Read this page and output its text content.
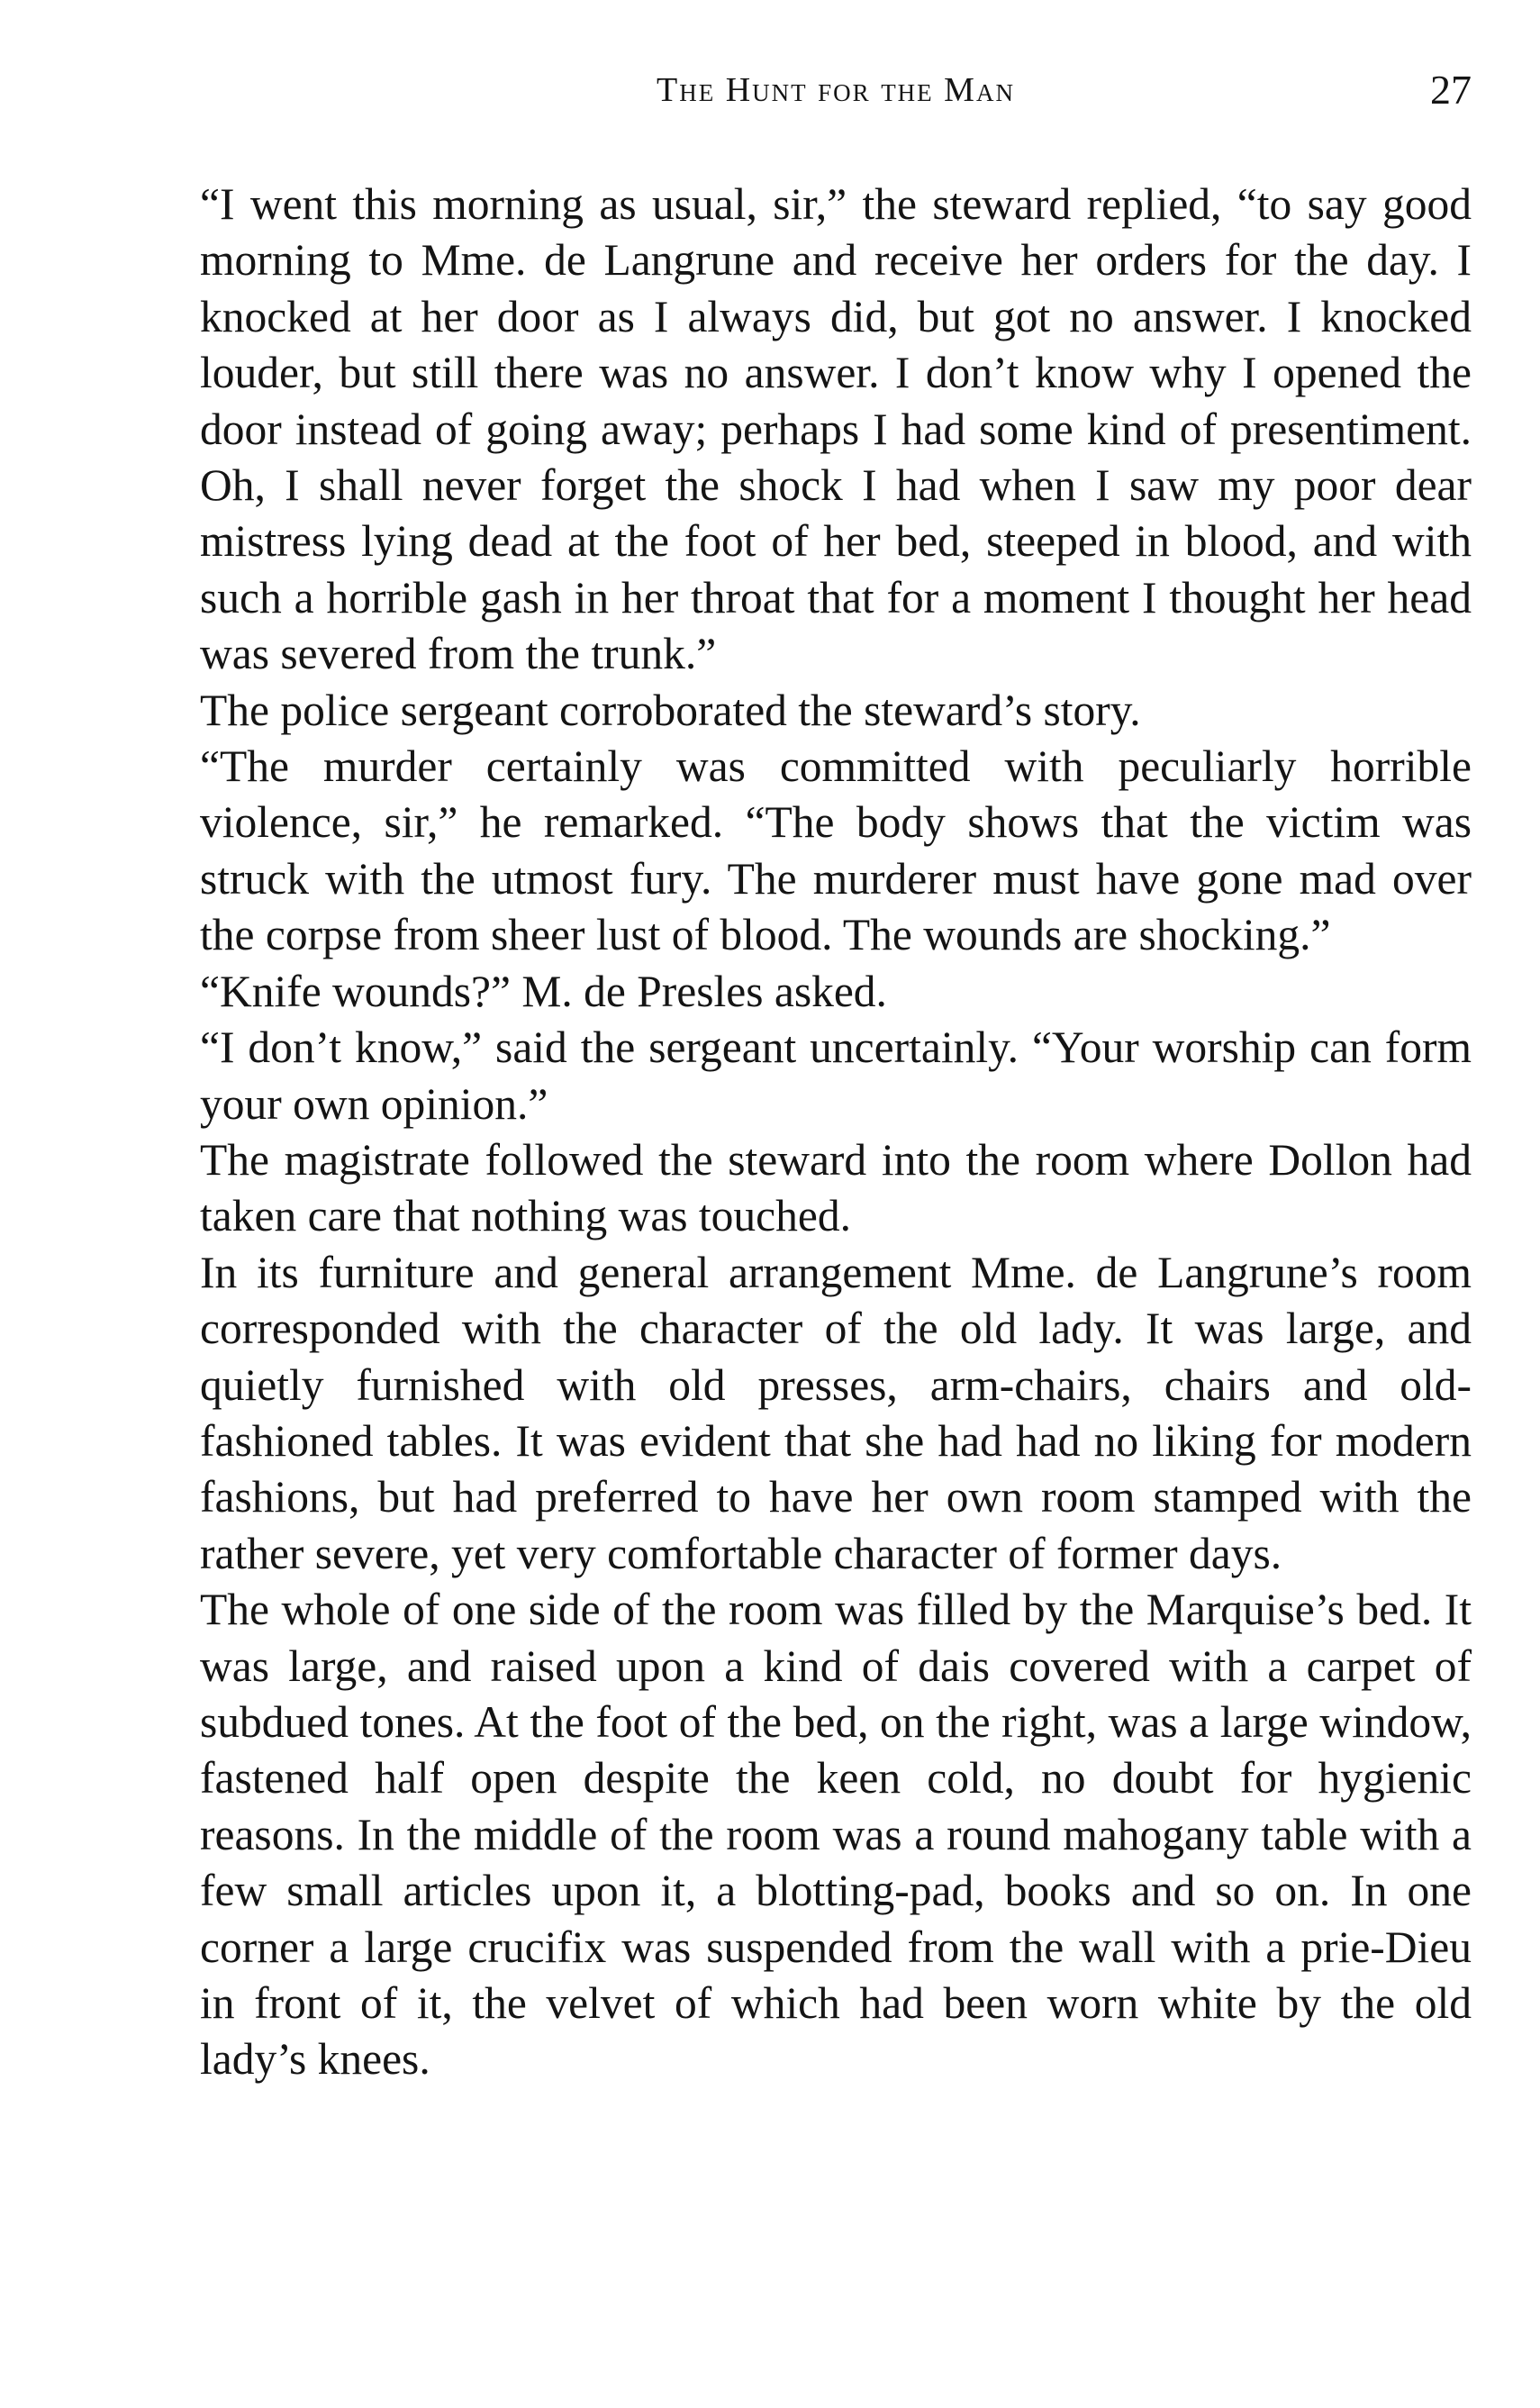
The Hunt for the Man	27

“I went this morning as usual, sir,” the steward replied, “to say good morning to Mme. de Langrune and receive her orders for the day. I knocked at her door as I always did, but got no answer. I knocked louder, but still there was no answer. I don’t know why I opened the door instead of going away; perhaps I had some kind of presentiment. Oh, I shall never forget the shock I had when I saw my poor dear mistress lying dead at the foot of her bed, steeped in blood, and with such a horrible gash in her throat that for a moment I thought her head was severed from the trunk.”

The police sergeant corroborated the steward’s story.

“The murder certainly was committed with peculiarly horrible violence, sir,” he remarked. “The body shows that the victim was struck with the utmost fury. The murderer must have gone mad over the corpse from sheer lust of blood. The wounds are shocking.”

“Knife wounds?” M. de Presles asked.

“I don’t know,” said the sergeant uncertainly. “Your worship can form your own opinion.”

The magistrate followed the steward into the room where Dollon had taken care that nothing was touched.

In its furniture and general arrangement Mme. de Langrune’s room corresponded with the character of the old lady. It was large, and quietly furnished with old presses, arm-chairs, chairs and old-fashioned tables. It was evident that she had had no liking for modern fashions, but had preferred to have her own room stamped with the rather severe, yet very comfortable character of former days.

The whole of one side of the room was filled by the Marquise’s bed. It was large, and raised upon a kind of dais covered with a carpet of subdued tones. At the foot of the bed, on the right, was a large window, fastened half open despite the keen cold, no doubt for hygienic reasons. In the middle of the room was a round mahogany table with a few small articles upon it, a blotting-pad, books and so on. In one corner a large crucifix was suspended from the wall with a prie-Dieu in front of it, the velvet of which had been worn white by the old lady’s knees.
